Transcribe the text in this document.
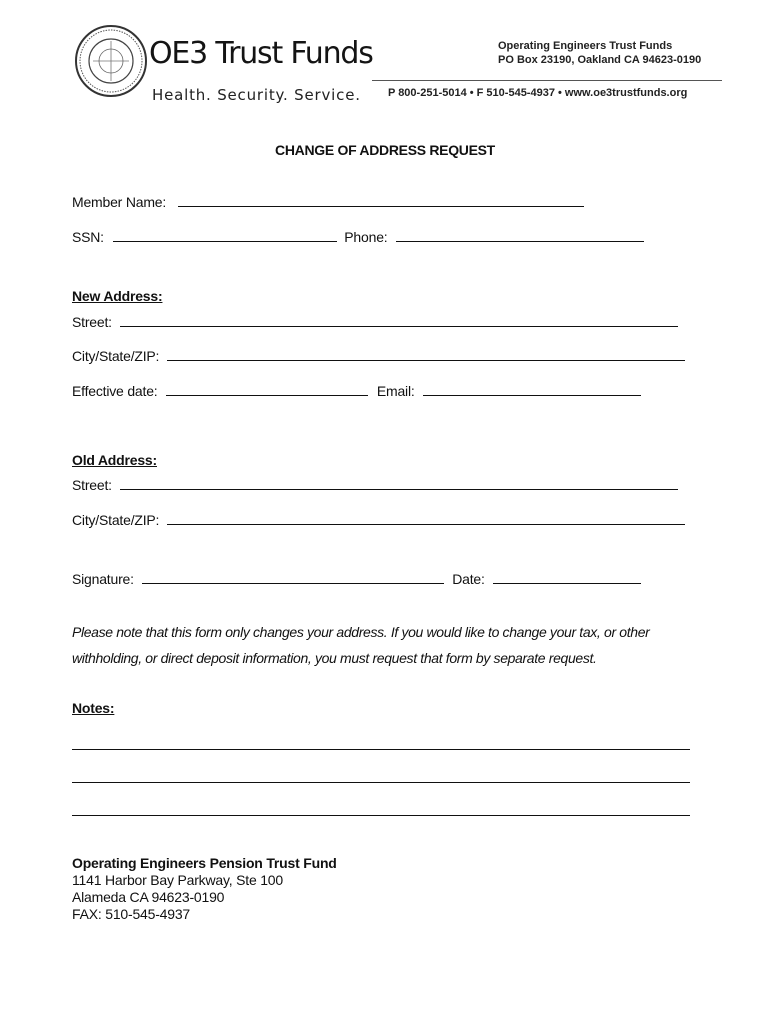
OE3 Trust Funds
Health. Security. Service.
Operating Engineers Trust Funds
PO Box 23190, Oakland CA 94623-0190
P 800-251-5014 • F 510-545-4937 • www.oe3trustfunds.org
CHANGE OF ADDRESS REQUEST
Member Name:
SSN:	Phone:
New Address:
Street:
City/State/ZIP:
Effective date:	Email:
Old Address:
Street:
City/State/ZIP:
Signature:	Date:
Please note that this form only changes your address. If you would like to change your tax, or other
withholding, or direct deposit information, you must request that form by separate request.
Notes:
Operating Engineers Pension Trust Fund
1141 Harbor Bay Parkway, Ste 100
Alameda CA 94623-0190
FAX: 510-545-4937
